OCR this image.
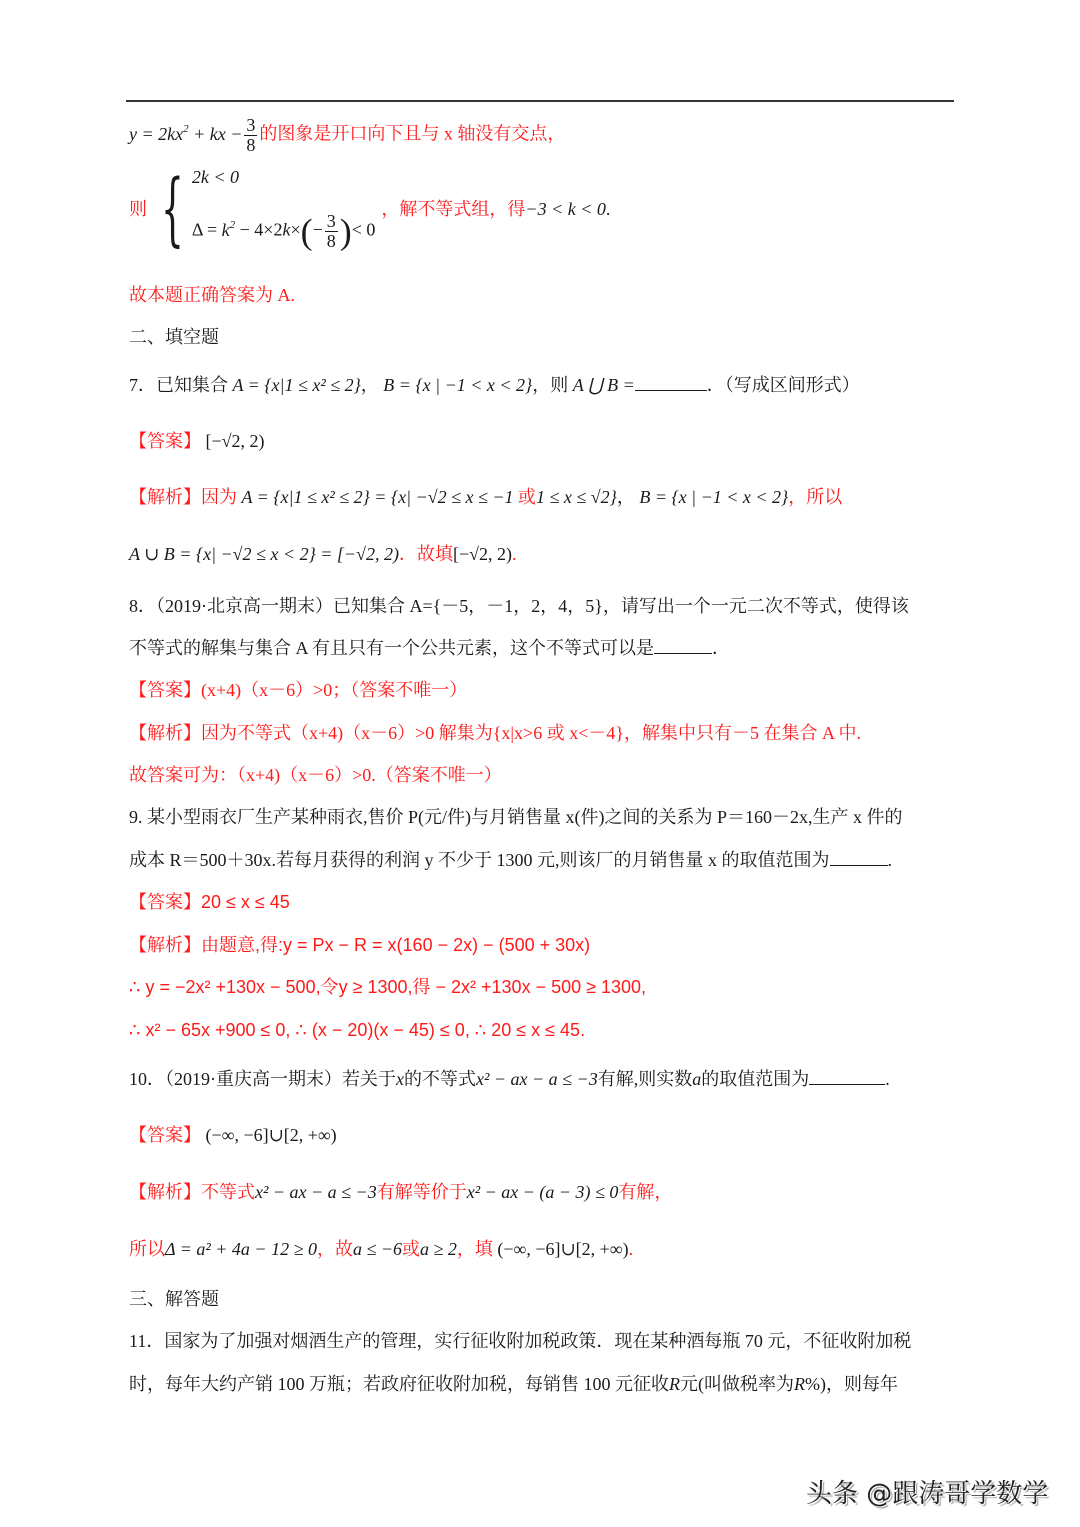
$y = 2kx^2$ + kx − $\frac{3}{8}$ 的图象是开口向下且与 x 轴没有交点，
则 { 2k < 0
$\Delta = k^2 - 4\times 2k\times(- \frac{3}{8}$ )< 0
，解不等式组，得 −3 < k < 0 .
故本题正确答案为 A.
二、填空题
7．已知集合 A = {x|1 ≤ x² ≤ 2}， B = {x | −1 < x < 2}，则 A ⋃ B =	．（写成区间形式）
【答案】 [−√2, 2)
【解析】因为 A = {x|1 ≤ x² ≤ 2} = {x| −√2 ≤ x ≤ −1 或1 ≤ x ≤ √2}， B = {x | −1 < x < 2}，所以
A ∪ B = {x| −√2 ≤ x < 2} = [−√2, 2)．故填[−√2, 2).
8．（2019·北京高一期末）已知集合 A={－5，－1，2，4，5}，请写出一个一元二次不等式，使得该
不等式的解集与集合 A 有且只有一个公共元素，这个不等式可以是	．
【答案】(x+4)（x－6）>0；（答案不唯一）
【解析】因为不等式（x+4)（x－6）>0 解集为{x|x>6 或 x<－4}，解集中只有－5 在集合 A 中.
故答案可为：（x+4)（x－6）>0.（答案不唯一）
9. 某小型雨衣厂生产某种雨衣,售价 P(元/件)与月销售量 x(件)之间的关系为 P＝160－2x,生产 x 件的
成本 R＝500＋30x.若每月获得的利润 y 不少于 1300 元,则该厂的月销售量 x 的取值范围为	.
【答案】20 ≤ x ≤ 45
【解析】由题意,得:y = Px − R = x(160 − 2x) − (500 + 30x)
∴ y = −2x² +130x − 500,令y ≥ 1300,得 − 2x² +130x − 500 ≥ 1300,
∴ x² − 65x +900 ≤ 0, ∴ (x − 20)(x − 45) ≤ 0, ∴ 20 ≤ x ≤ 45.
10．（2019·重庆高一期末）若关于x的不等式x² − ax − a ≤ −3有解,则实数a的取值范围为	.
【答案】 (−∞, −6]∪[2, +∞)
【解析】不等式x² − ax − a ≤ −3有解等价于x² − ax − (a − 3) ≤ 0有解，
所以Δ = a² + 4a − 12 ≥ 0，故a ≤ −6或a ≥ 2，填 (−∞, −6]∪[2, +∞).
三、解答题
11．国家为了加强对烟酒生产的管理，实行征收附加税政策．现在某种酒每瓶 70 元，不征收附加税
时，每年大约产销 100 万瓶；若政府征收附加税，每销售 100 元征收R元(叫做税率为R%)，则每年
头条 @跟涛哥学数学
